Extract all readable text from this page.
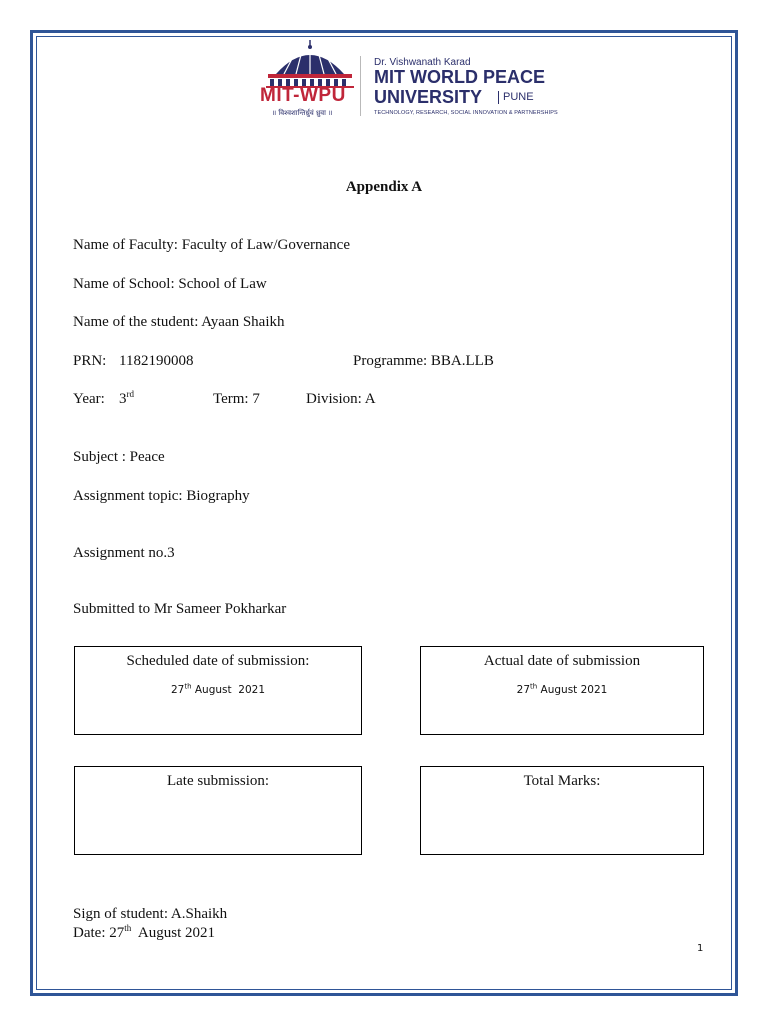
MIT-WPU
॥ विश्वशान्तिर्ध्रुवं ध्रुवा ॥
Dr. Vishwanath Karad
MIT WORLD PEACE
UNIVERSITY	PUNE
TECHNOLOGY, RESEARCH, SOCIAL INNOVATION & PARTNERSHIPS
Appendix A
Name of Faculty: Faculty of Law/Governance
Name of School: School of Law
Name of the student: Ayaan Shaikh
PRN: 1182190008	Programme: BBA.LLB
Year: 3rd	Term: 7	Division: A
Subject : Peace
Assignment topic: Biography
Assignment no.3
Submitted to Mr Sameer Pokharkar
Scheduled date of submission:
27th August  2021
Actual date of submission
27th August 2021
Late submission:	Total Marks:
Sign of student: A.Shaikh
Date: 27th  August 2021
1
